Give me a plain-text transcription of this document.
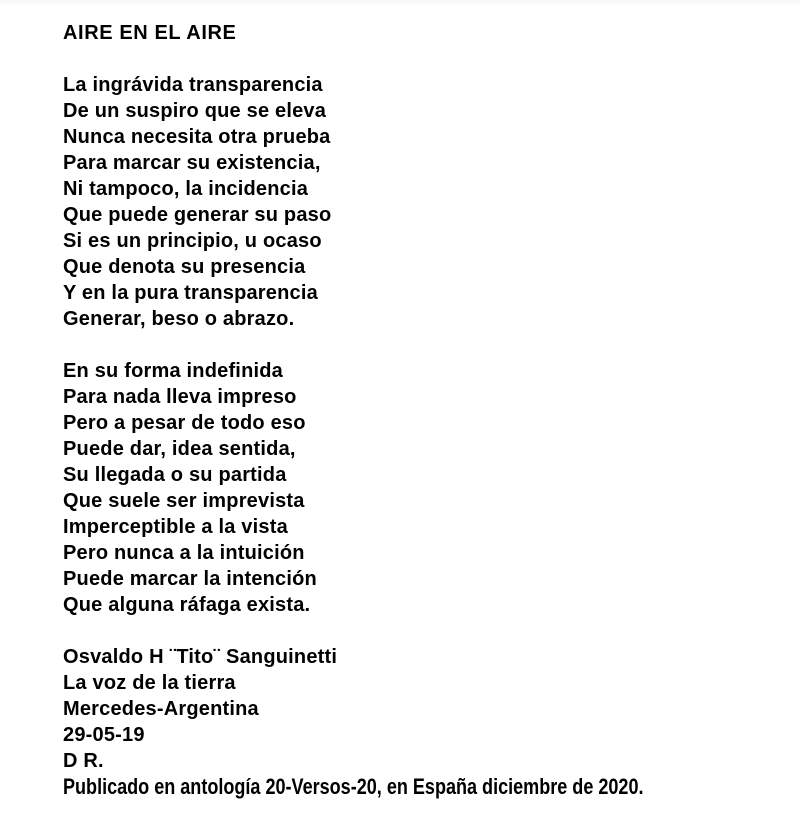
AIRE EN EL AIRE
La ingrávida transparencia
De un suspiro que se eleva
Nunca necesita otra prueba
Para marcar su existencia,
Ni tampoco, la incidencia
Que puede generar su paso
Si es un principio, u ocaso
Que denota su presencia
Y en la pura transparencia
Generar, beso o abrazo.
En su forma indefinida
Para nada lleva impreso
Pero a pesar de todo eso
Puede dar, idea sentida,
Su llegada o su partida
Que suele ser imprevista
Imperceptible a la vista
Pero nunca a la intuición
Puede marcar la intención
Que alguna ráfaga exista.
Osvaldo H ¨Tito¨ Sanguinetti
La voz de la tierra
Mercedes-Argentina
29-05-19
D R.
Publicado en antología 20-Versos-20, en España diciembre de 2020.
